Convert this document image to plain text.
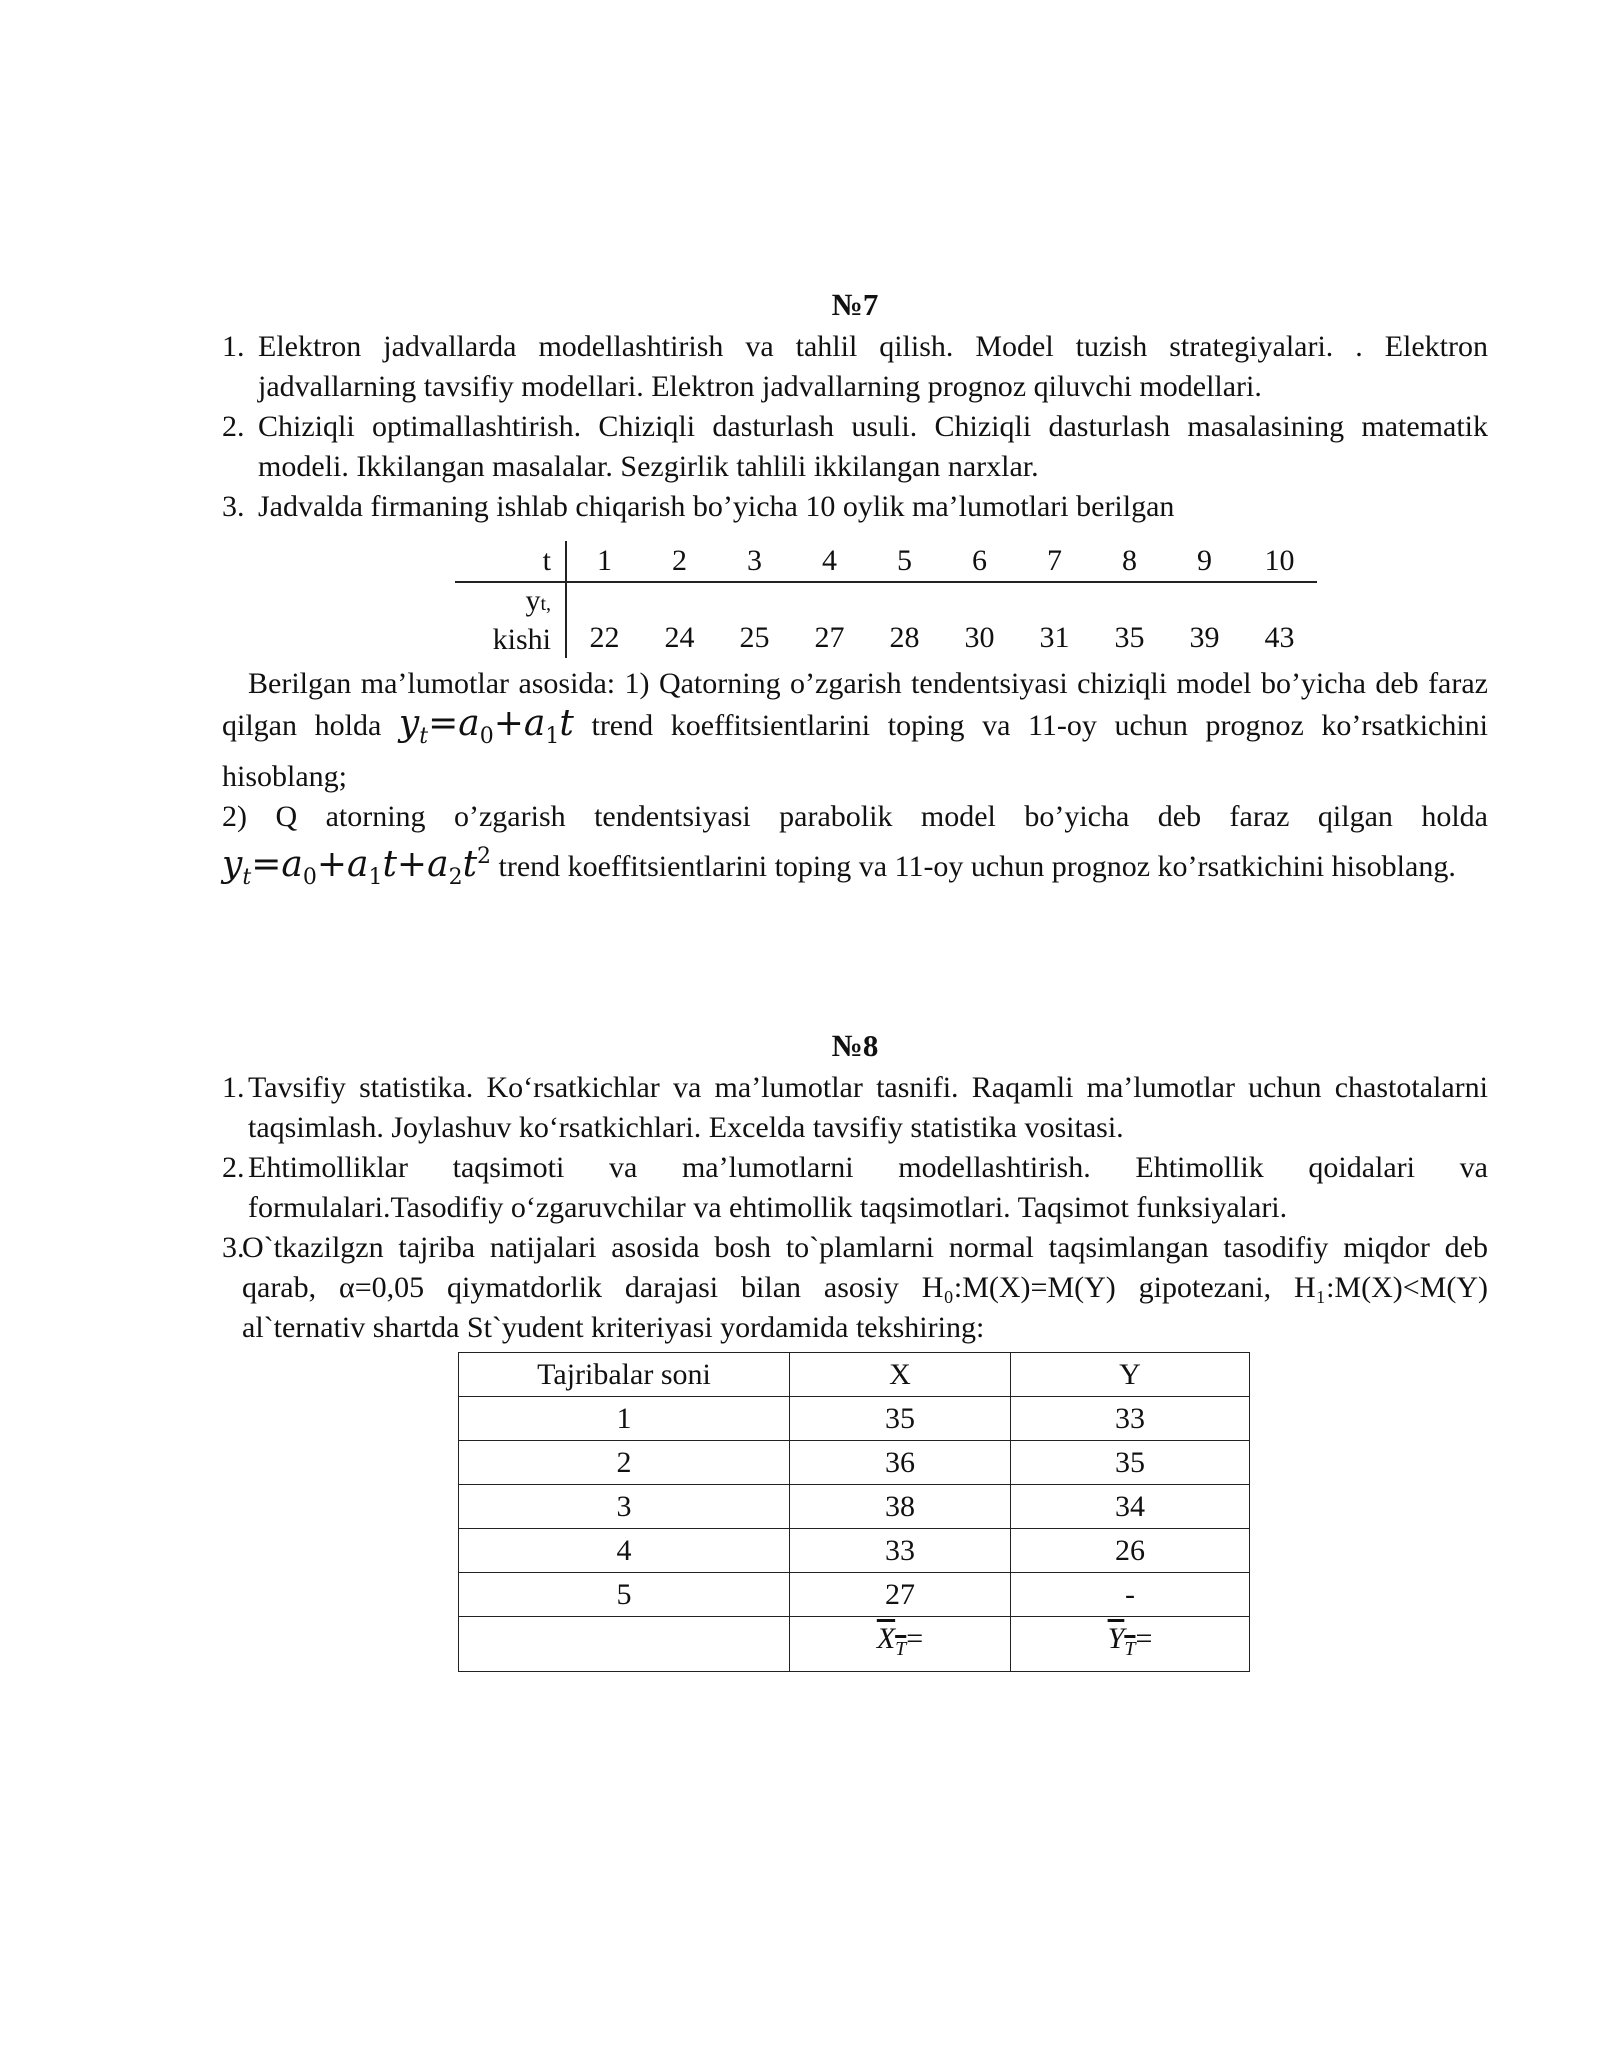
№7

1. Elektron jadvallarda modellashtirish va tahlil qilish. Model tuzish strategiyalari. . Elektron jadvallarning tavsifiy modellari. Elektron jadvallarning prognoz qiluvchi modellari.

2. Chiziqli optimallashtirish. Chiziqli dasturlash usuli. Chiziqli dasturlash masalasining matematik modeli. Ikkilangan masalalar. Sezgirlik tahlili ikkilangan narxlar.

3. Jadvalda firmaning ishlab chiqarish bo’yicha 10 oylik ma’lumotlari berilgan

t	1	2	3	4	5	6	7	8	9	10
yt,
kishi	22	24	25	27	28	30	31	35	39	43

Berilgan ma’lumotlar asosida: 1) Qatorning o’zgarish tendentsiyasi chiziqli model bo’yicha deb faraz qilgan holda $y_t=a_0+a_1t$ trend koeffitsientlarini toping va 11-oy uchun prognoz ko’rsatkichini hisoblang;

2) Q atorning o’zgarish tendentsiyasi parabolik model bo’yicha deb faraz qilgan holda $y_t=a_0+a_1t+a_2t^2$ trend koeffitsientlarini toping va 11-oy uchun prognoz ko’rsatkichini hisoblang.

№8

1. Tavsifiy statistika. Ko‘rsatkichlar va ma’lumotlar tasnifi. Raqamli ma’lumotlar uchun chastotalarni taqsimlash. Joylashuv ko‘rsatkichlari. Excelda tavsifiy statistika vositasi.

2. Ehtimolliklar taqsimoti va ma’lumotlarni modellashtirish. Ehtimollik qoidalari va formulalari.Tasodifiy o‘zgaruvchilar va ehtimollik taqsimotlari. Taqsimot funksiyalari.

3.
O`tkazilgzn tajriba natijalari asosida bosh to`plamlarni normal taqsimlangan tasodifiy miqdor deb qarab, α=0,05 qiymatdorlik darajasi bilan asosiy H₀:M(X)=M(Y) gipotezani, H₁:M(X)<M(Y) al`ternativ shartda St`yudent kriteriyasi yordamida tekshiring:

Tajribalar soni	X	Y
1	35	33
2	36	35
3	38	34
4	33	26
5	27	-
	$X_T=$	$Y_T=$
